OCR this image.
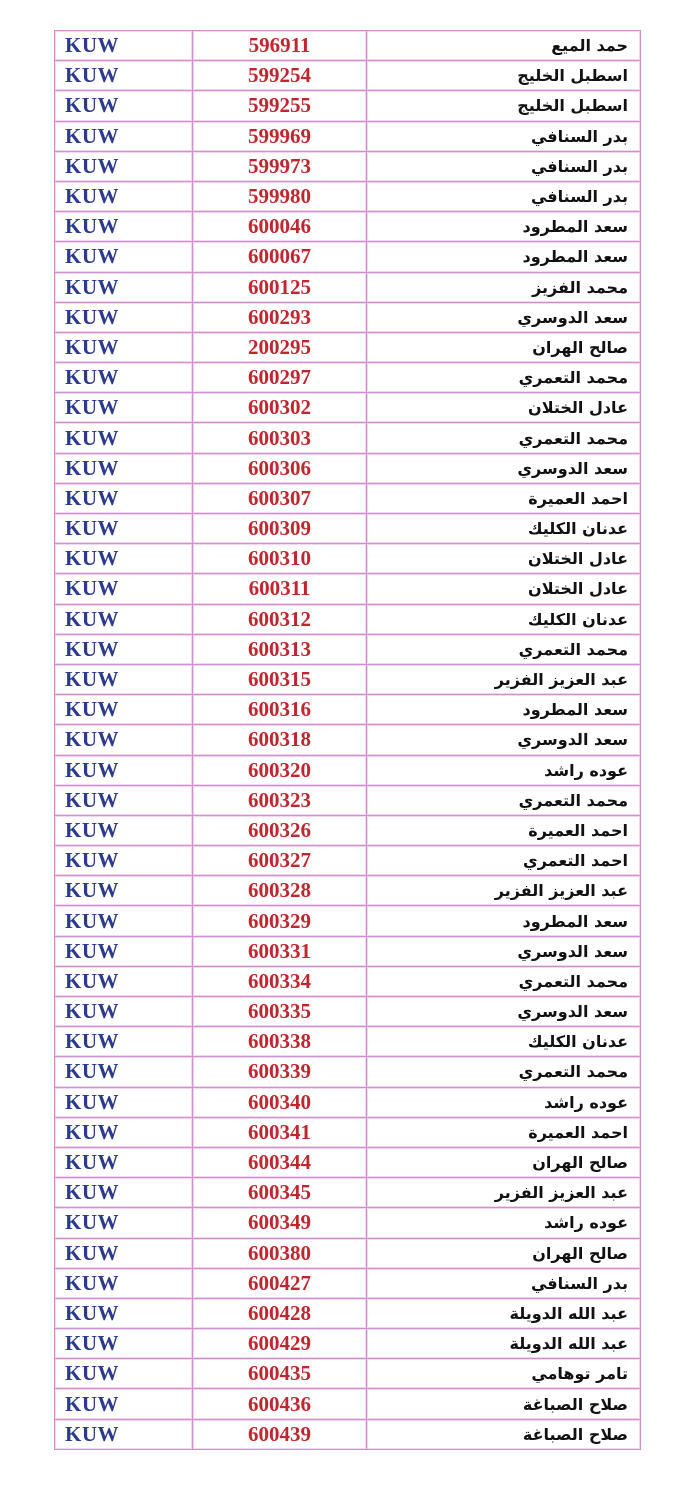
KUW	596911	حمد الميع
KUW	599254	اسطبل الخليج
KUW	599255	اسطبل الخليج
KUW	599969	بدر السنافي
KUW	599973	بدر السنافي
KUW	599980	بدر السنافي
KUW	600046	سعد المطرود
KUW	600067	سعد المطرود
KUW	600125	محمد الفزيز
KUW	600293	سعد الدوسري
KUW	200295	صالح الهران
KUW	600297	محمد التعمري
KUW	600302	عادل الختلان
KUW	600303	محمد التعمري
KUW	600306	سعد الدوسري
KUW	600307	احمد العميرة
KUW	600309	عدنان الكليك
KUW	600310	عادل الختلان
KUW	600311	عادل الختلان
KUW	600312	عدنان الكليك
KUW	600313	محمد التعمري
KUW	600315	عبد العزيز الفزير
KUW	600316	سعد المطرود
KUW	600318	سعد الدوسري
KUW	600320	عوده راشد
KUW	600323	محمد التعمري
KUW	600326	احمد العميرة
KUW	600327	احمد التعمري
KUW	600328	عبد العزيز الفزير
KUW	600329	سعد المطرود
KUW	600331	سعد الدوسري
KUW	600334	محمد التعمري
KUW	600335	سعد الدوسري
KUW	600338	عدنان الكليك
KUW	600339	محمد التعمري
KUW	600340	عوده راشد
KUW	600341	احمد العميرة
KUW	600344	صالح الهران
KUW	600345	عبد العزيز الفزير
KUW	600349	عوده راشد
KUW	600380	صالح الهران
KUW	600427	بدر السنافي
KUW	600428	عبد الله الدويلة
KUW	600429	عبد الله الدويلة
KUW	600435	تامر توهامي
KUW	600436	صلاح الصباغة
KUW	600439	صلاح الصباغة
